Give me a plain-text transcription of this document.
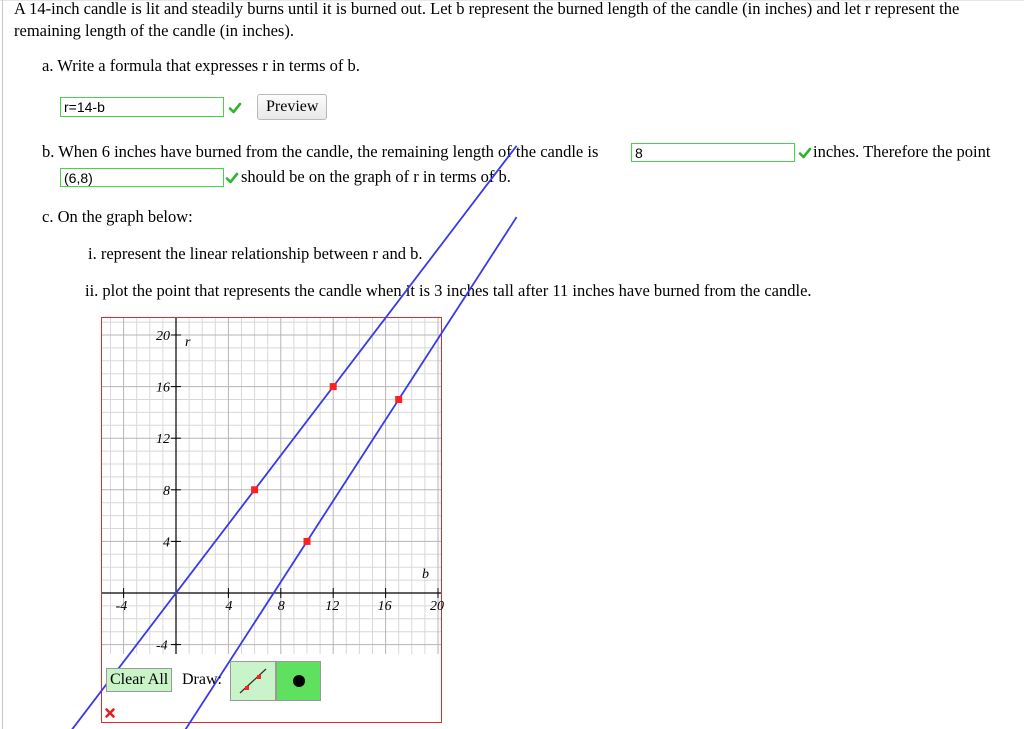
A 14-inch candle is lit and steadily burns until it is burned out. Let b represent the burned length of the candle (in inches) and let r represent the remaining length of the candle (in inches).
a. Write a formula that expresses r in terms of b.
r=14-b
Preview
b. When 6 inches have burned from the candle, the remaining length of the candle is
8	inches. Therefore the point
(6,8)
should be on the graph of r in terms of b.
c. On the graph below:
i. represent the linear relationship between r and b.
ii. plot the point that represents the candle when it is 3 inches tall after 11 inches have burned from the candle.
-4	4	8	12	16	20
20
16
12
8
-4
4
b
r
Clear All Draw:
